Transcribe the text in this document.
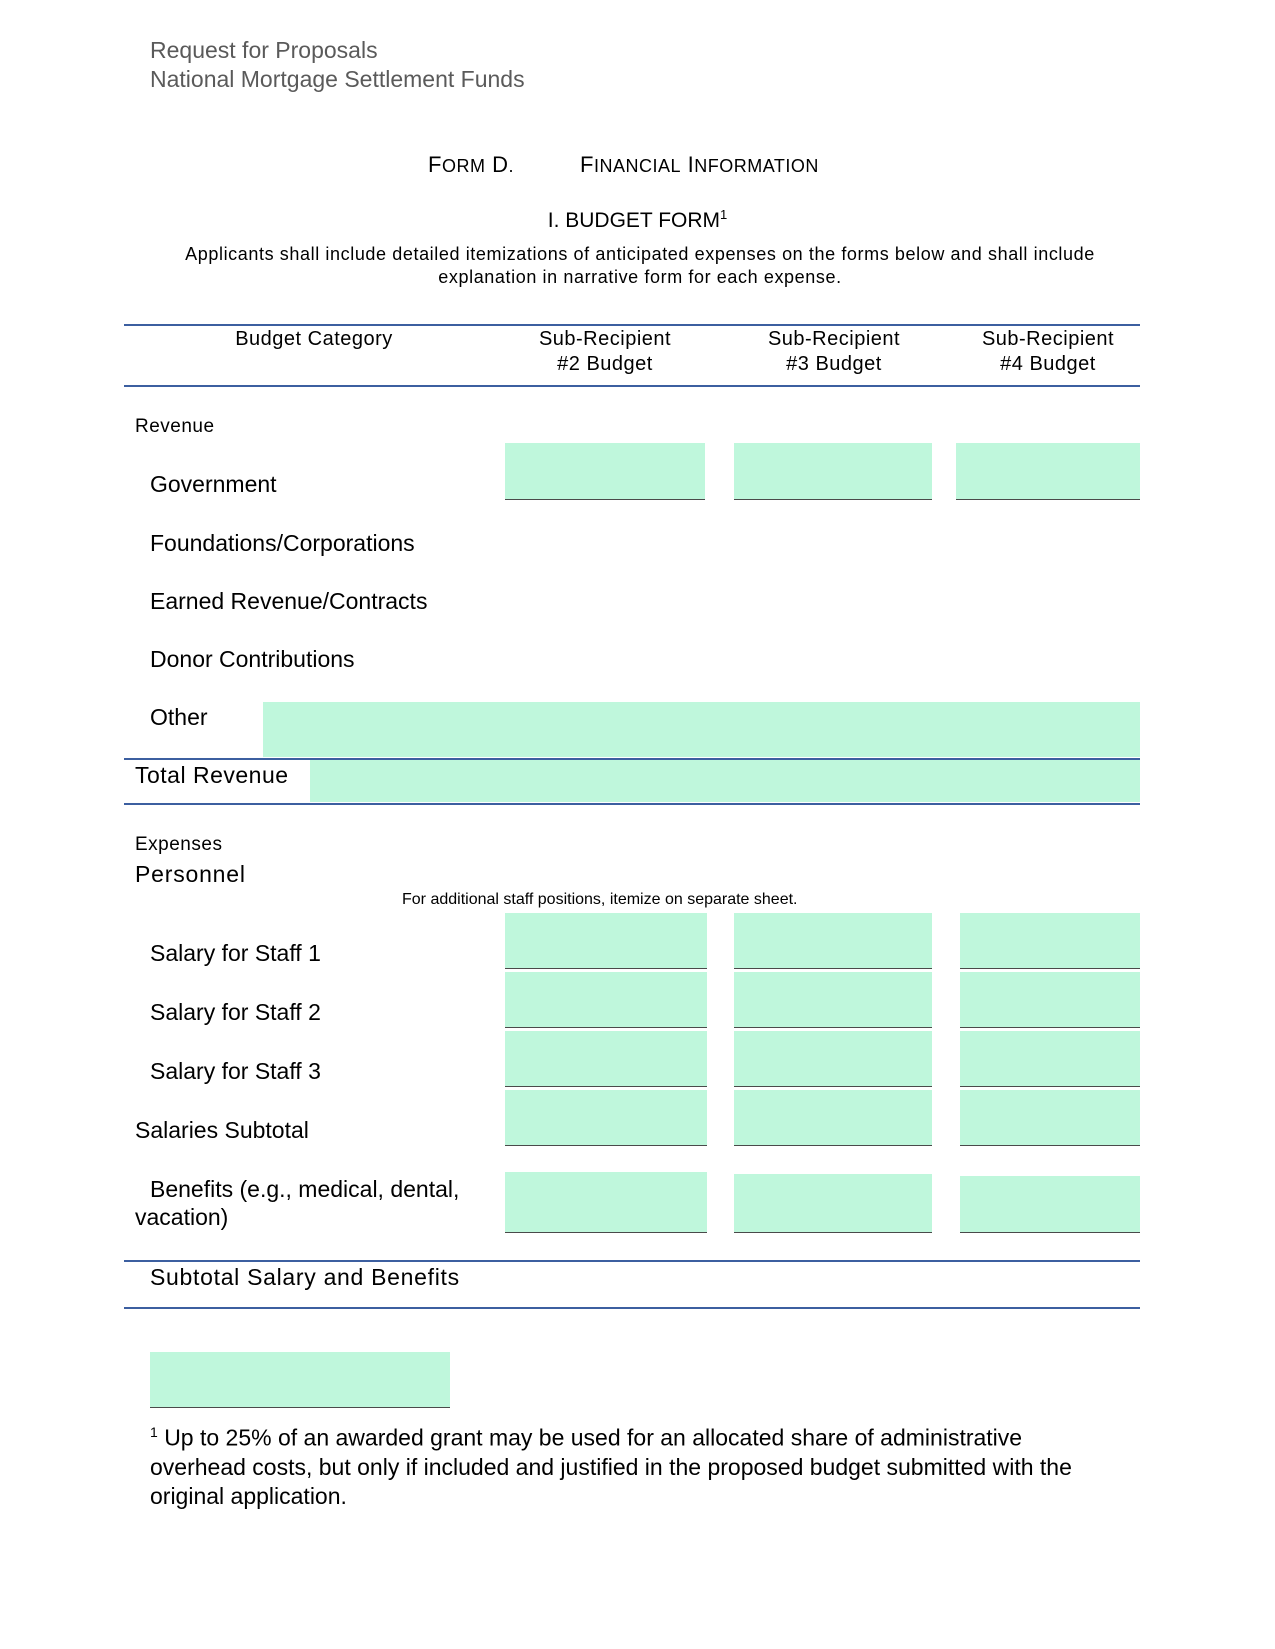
Request for Proposals
National Mortgage Settlement Funds
FORM D.	FINANCIAL INFORMATION
I. BUDGET FORM$^1$
Applicants shall include detailed itemizations of anticipated expenses on the forms below and shall include explanation in narrative form for each expense.
Budget Category	Sub-Recipient
#2 Budget
Sub-Recipient
#3 Budget
Sub-Recipient
#4 Budget
Revenue
Government
Foundations/Corporations
Earned Revenue/Contracts
Donor Contributions
Other
Total Revenue
Expenses
Personnel
For additional staff positions, itemize on separate sheet.
Salary for Staff 1
Salary for Staff 2
Salary for Staff 3
Salaries Subtotal
Benefits (e.g., medical, dental,
vacation)
Subtotal Salary and Benefits
$^1$ Up to 25% of an awarded grant may be used for an allocated share of administrative overhead costs, but only if included and justified in the proposed budget submitted with the original application.
